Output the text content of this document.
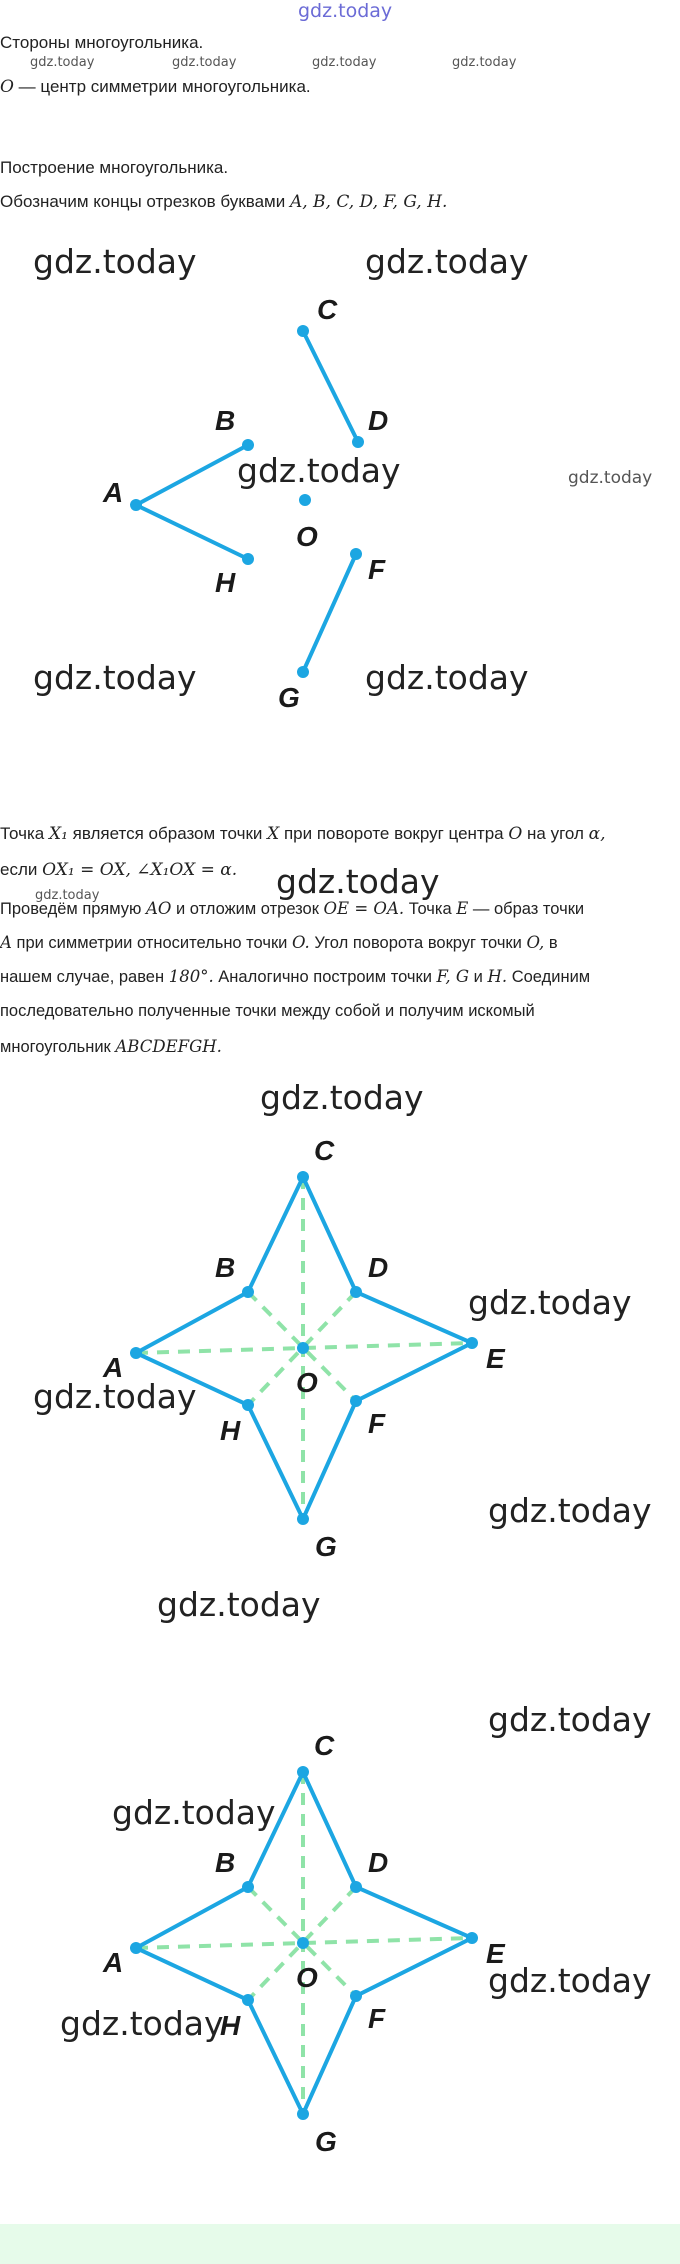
gdz.today
Стороны многоугольника.
gdz.today	gdz.today	gdz.today	gdz.today
O — центр симметрии многоугольника.
Построение многоугольника.
Обозначим концы отрезков буквами A, B, C, D, F, G, H.
A
B
H
C
D
F
G
O
gdz.today	gdz.today
gdz.today	gdz.today
gdz.today	gdz.today
Точка X₁ является образом точки X при повороте вокруг центра O на угол α,
если OX₁ = OX, ∠X₁OX = α.
gdz.today	gdz.today
Проведём прямую AO и отложим отрезок OE = OA. Точка E — образ точки
A при симметрии относительно точки O. Угол поворота вокруг точки O, в
нашем случае, равен 180°. Аналогично построим точки F, G и H. Соединим
последовательно полученные точки между собой и получим искомый
многоугольник ABCDEFGH.
gdz.today
A
B
C
D
E
F
G
H
O
gdz.today
gdz.today
gdz.today
gdz.today
gdz.today
A
B
C
D
E
F
G
H
O
gdz.today
gdz.today
gdz.today
